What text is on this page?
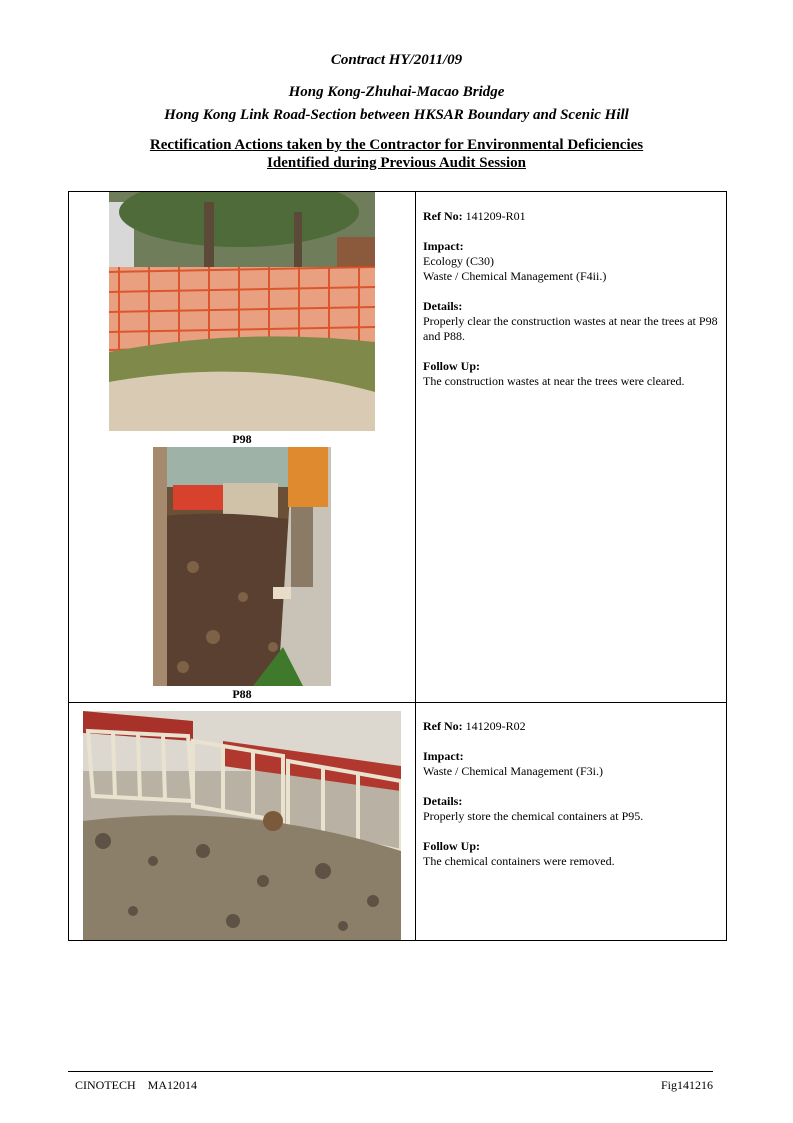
Contract HY/2011/09
Hong Kong-Zhuhai-Macao Bridge
Hong Kong Link Road-Section between HKSAR Boundary and Scenic Hill
Rectification Actions taken by the Contractor for Environmental Deficiencies
Identified during Previous Audit Session
P98
P88
Ref No: 141209-R01
Impact:
Ecology (C30)
Waste / Chemical Management (F4ii.)
Details:
Properly clear the construction wastes at near the trees at P98 and P88.
Follow Up:
The construction wastes at near the trees were cleared.
Ref No: 141209-R02
Impact:
Waste / Chemical Management (F3i.)
Details:
Properly store the chemical containers at P95.
Follow Up:
The chemical containers were removed.
CINOTECH    MA12014	Fig141216
